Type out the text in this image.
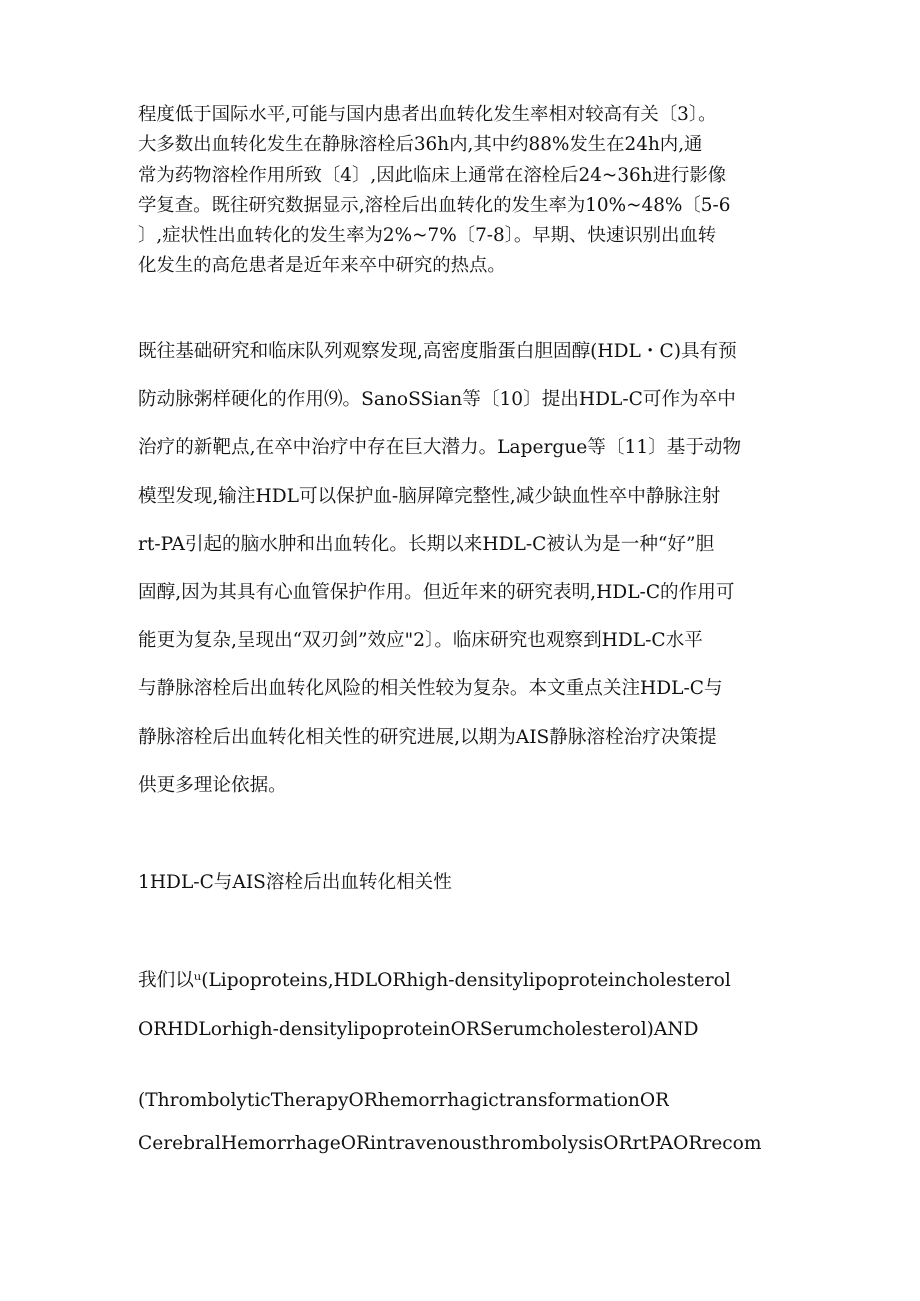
程度低于国际水平,可能与国内患者出血转化发生率相对较高有关〔3〕。
大多数出血转化发生在静脉溶栓后36h内,其中约88%发生在24h内,通
常为药物溶栓作用所致〔4〕,因此临床上通常在溶栓后24~36h进行影像
学复查。既往研究数据显示,溶栓后出血转化的发生率为10%~48%〔5-6
〕,症状性出血转化的发生率为2%~7%〔7-8〕。早期、快速识别出血转
化发生的高危患者是近年来卒中研究的热点。
既往基础研究和临床队列观察发现,高密度脂蛋白胆固醇(HDL・C)具有预
防动脉粥样硬化的作用⑼。SanoSSian等〔10〕提出HDL-C可作为卒中
治疗的新靶点,在卒中治疗中存在巨大潜力。Lapergue等〔11〕基于动物
模型发现,输注HDL可以保护血-脑屏障完整性,减少缺血性卒中静脉注射
rt-PA引起的脑水肿和出血转化。长期以来HDL-C被认为是一种“好”胆
固醇,因为其具有心血管保护作用。但近年来的研究表明,HDL-C的作用可
能更为复杂,呈现出“双刃剑”效应"2〕。临床研究也观察到HDL-C水平
与静脉溶栓后出血转化风险的相关性较为复杂。本文重点关注HDL-C与
静脉溶栓后出血转化相关性的研究进展,以期为AIS静脉溶栓治疗决策提
供更多理论依据。
1HDL-C与AIS溶栓后出血转化相关性
我们以ᵘ(Lipoproteins,HDLORhigh-densitylipoproteincholesterol
ORHDLorhigh-densitylipoproteinORSerumcholesterol)AND
(ThrombolyticTherapyORhemorrhagictransformationOR
CerebralHemorrhageORintravenousthrombolysisORrtPAORrecom
